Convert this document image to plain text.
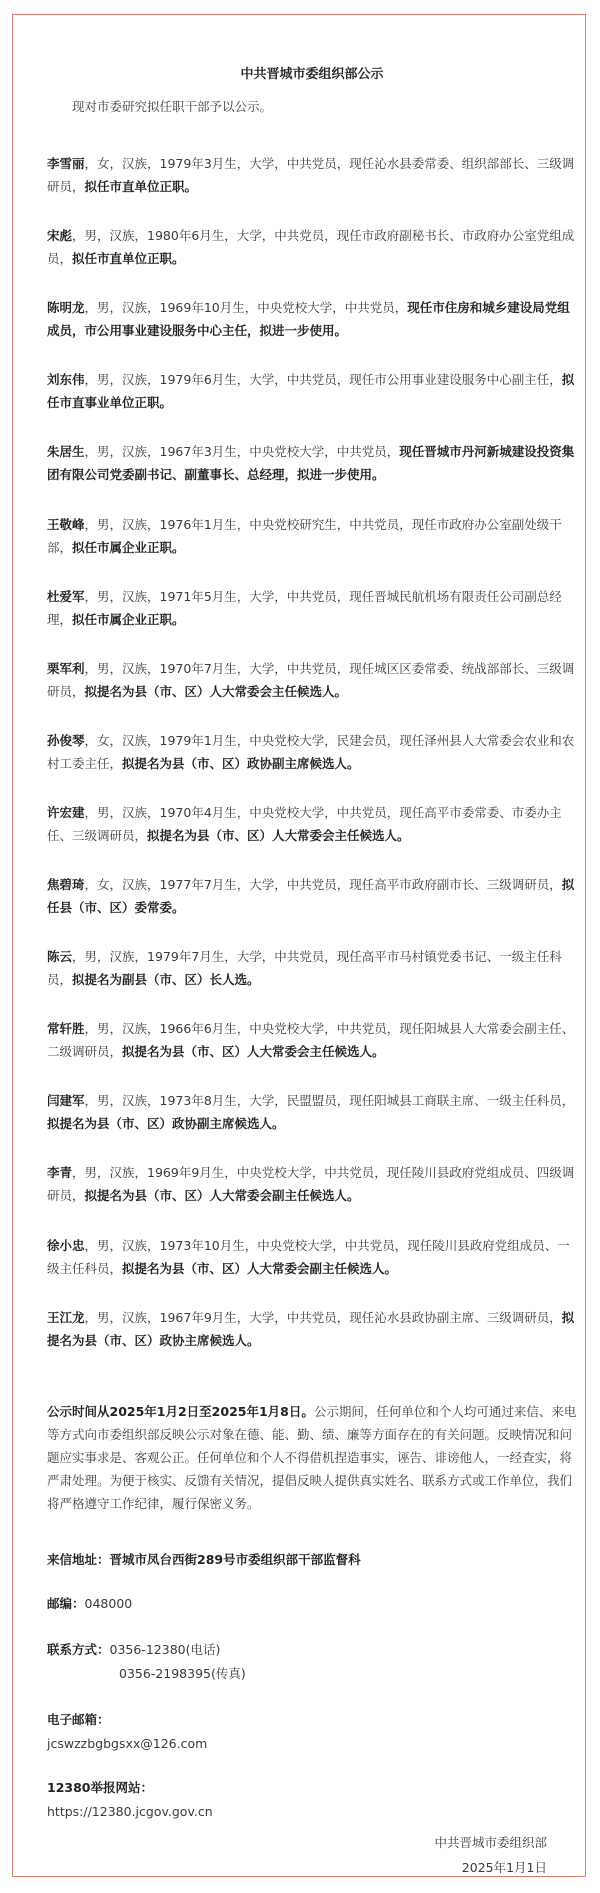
中共晋城市委组织部公示
现对市委研究拟任职干部予以公示。
李雪丽，女，汉族，1979年3月生，大学，中共党员，现任沁水县委常委、组织部部长、三级调研员，拟任市直单位正职。
宋彪，男，汉族，1980年6月生，大学，中共党员，现任市政府副秘书长、市政府办公室党组成员，拟任市直单位正职。
陈明龙，男，汉族，1969年10月生，中央党校大学，中共党员，现任市住房和城乡建设局党组成员，市公用事业建设服务中心主任，拟进一步使用。
刘东伟，男，汉族，1979年6月生，大学，中共党员，现任市公用事业建设服务中心副主任，拟任市直事业单位正职。
朱居生，男，汉族，1967年3月生，中央党校大学，中共党员，现任晋城市丹河新城建设投资集团有限公司党委副书记、副董事长、总经理，拟进一步使用。
王敬峰，男，汉族，1976年1月生，中央党校研究生，中共党员，现任市政府办公室副处级干部，拟任市属企业正职。
杜爱军，男，汉族，1971年5月生，大学，中共党员，现任晋城民航机场有限责任公司副总经理，拟任市属企业正职。
栗军利，男，汉族，1970年7月生，大学，中共党员，现任城区区委常委、统战部部长、三级调研员，拟提名为县（市、区）人大常委会主任候选人。
孙俊琴，女，汉族，1979年1月生，中央党校大学，民建会员，现任泽州县人大常委会农业和农村工委主任，拟提名为县（市、区）政协副主席候选人。
许宏建，男，汉族，1970年4月生，中央党校大学，中共党员，现任高平市委常委、市委办主任、三级调研员，拟提名为县（市、区）人大常委会主任候选人。
焦碧琦，女，汉族，1977年7月生，大学，中共党员，现任高平市政府副市长、三级调研员，拟任县（市、区）委常委。
陈云，男，汉族，1979年7月生，大学，中共党员，现任高平市马村镇党委书记、一级主任科员，拟提名为副县（市、区）长人选。
常轩胜，男，汉族，1966年6月生，中央党校大学，中共党员，现任阳城县人大常委会副主任、二级调研员，拟提名为县（市、区）人大常委会主任候选人。
闫建军，男，汉族，1973年8月生，大学，民盟盟员，现任阳城县工商联主席、一级主任科员，拟提名为县（市、区）政协副主席候选人。
李青，男，汉族，1969年9月生，中央党校大学，中共党员，现任陵川县政府党组成员、四级调研员，拟提名为县（市、区）人大常委会副主任候选人。
徐小忠，男，汉族，1973年10月生，中央党校大学，中共党员，现任陵川县政府党组成员、一级主任科员，拟提名为县（市、区）人大常委会副主任候选人。
王江龙，男，汉族，1967年9月生，大学，中共党员，现任沁水县政协副主席、三级调研员，拟提名为县（市、区）政协主席候选人。
公示时间从2025年1月2日至2025年1月8日。公示期间，任何单位和个人均可通过来信、来电等方式向市委组织部反映公示对象在德、能、勤、绩、廉等方面存在的有关问题。反映情况和问题应实事求是、客观公正。任何单位和个人不得借机捏造事实，诬告、诽谤他人，一经查实，将严肃处理。为便于核实、反馈有关情况，提倡反映人提供真实姓名、联系方式或工作单位，我们将严格遵守工作纪律，履行保密义务。
来信地址：晋城市凤台西街289号市委组织部干部监督科
邮编：048000
联系方式：0356-12380(电话)
0356-2198395(传真)
电子邮箱：
jcswzzbgbgsxx@126.com
12380举报网站：
https://12380.jcgov.gov.cn
中共晋城市委组织部
2025年1月1日
